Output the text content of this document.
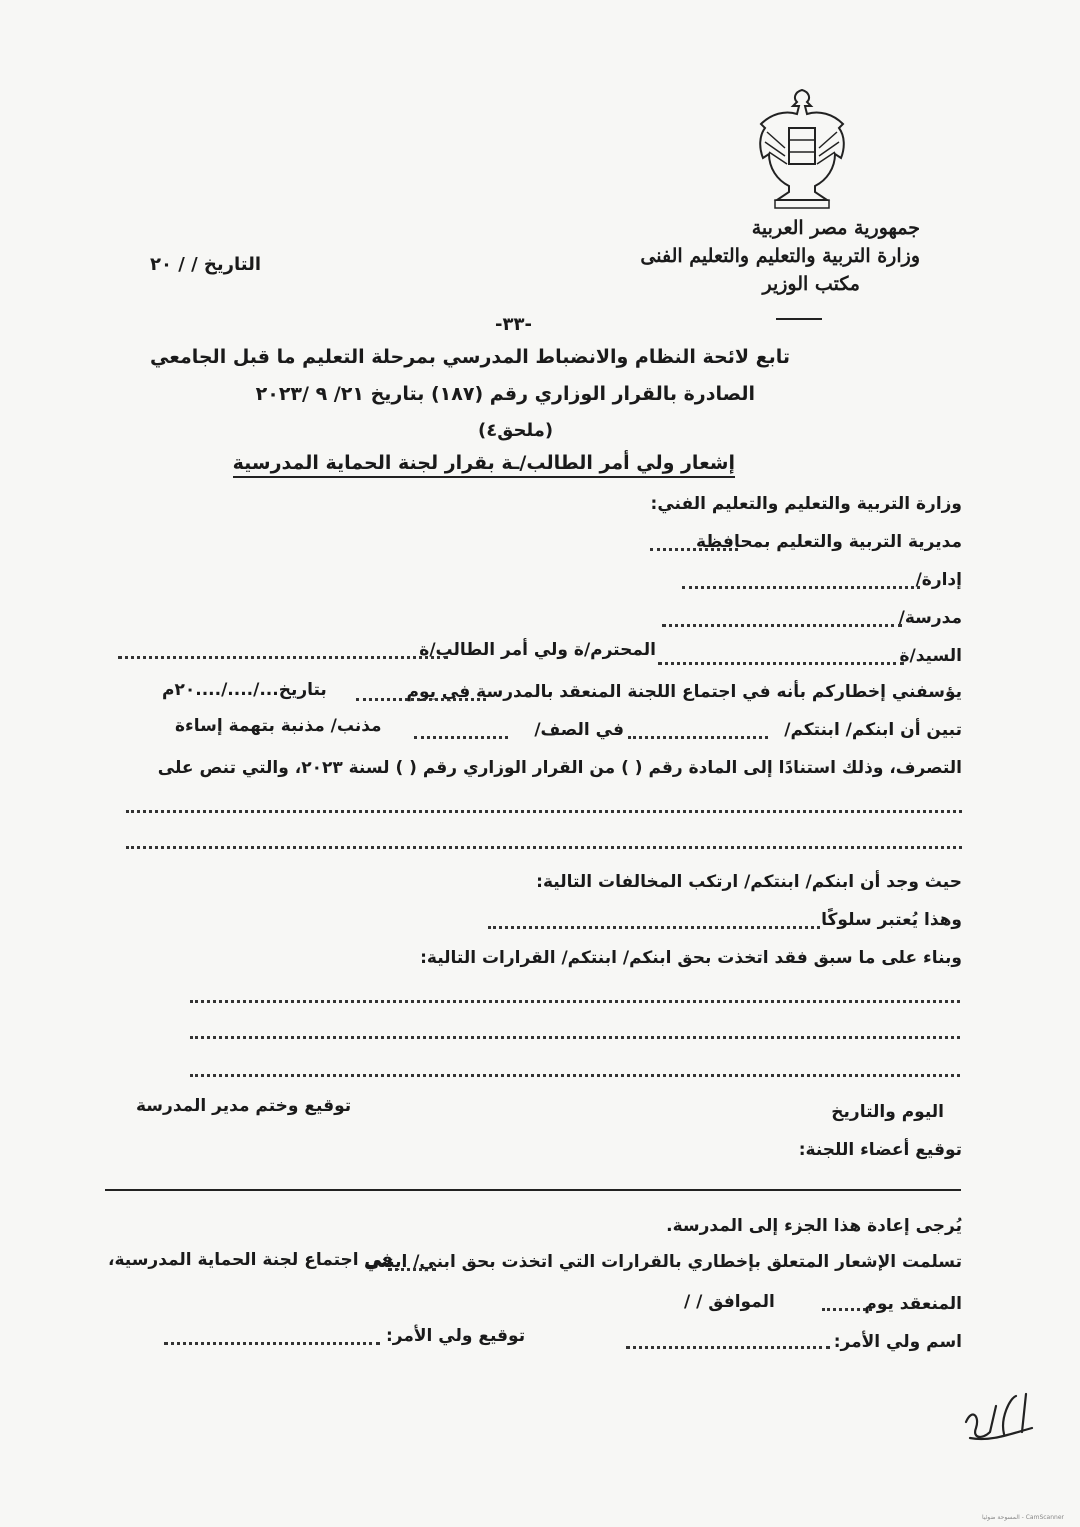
جمهورية مصر العربية
وزارة التربية والتعليم والتعليم الفنى
مكتب الوزير
التاريخ / / ٢٠
-٣٣-
تابع لائحة النظام والانضباط المدرسي بمرحلة التعليم ما قبل الجامعي
الصادرة بالقرار الوزاري رقم (١٨٧) بتاريخ ٢١/ ٩ /٢٠٢٣
(ملحق٤)
إشعار ولي أمر الطالب/ـة بقرار لجنة الحماية المدرسية
وزارة التربية والتعليم والتعليم الفني:
مديرية التربية والتعليم بمحافظة
إدارة/
مدرسة/
السيد/ة
المحترم/ة ولي أمر الطالب/ة
يؤسفني إخطاركم بأنه في اجتماع اللجنة المنعقد بالمدرسة في يوم
بتاريخ.../..../....٢٠م
تبين أن ابنكم/ ابنتكم/
في الصف/
مذنب/ مذنبة بتهمة إساءة
التصرف، وذلك استنادًا إلى المادة رقم ( ) من القرار الوزاري رقم ( ) لسنة ٢٠٢٣، والتي تنص على
حيث وجد أن ابنكم/ ابنتكم/ ارتكب المخالفات التالية:
وهذا يُعتبر سلوكًا
وبناء على ما سبق فقد اتخذت بحق ابنكم/ ابنتكم/ القرارات التالية:
توقيع وختم مدير المدرسة	اليوم والتاريخ
توقيع أعضاء اللجنة:
يُرجى إعادة هذا الجزء إلى المدرسة.
تسلمت الإشعار المتعلق بإخطاري بالقرارات التي اتخذت بحق ابني/ ابنتي
في اجتماع لجنة الحماية المدرسية،
المنعقد يوم
الموافق / /
اسم ولي الأمر:
توقيع ولي الأمر:
CamScanner - المسوحة ضوئيا
